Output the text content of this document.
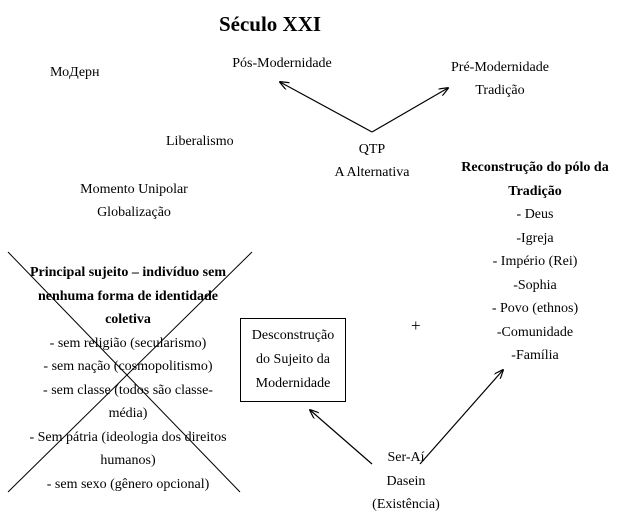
Século XXI
МоДерн
Pós-Modernidade	Pré-Modernidade
Tradição
Liberalismo
QTP
A Alternativa
Momento Unipolar
Globalização
Reconstrução do pólo da
Tradição
- Deus
-Igreja
- Império (Rei)
-Sophia
- Povo (ethnos)
-Comunidade
-Família
Principal sujeito – indivíduo sem
nenhuma forma de identidade
coletiva
- sem religião (secularismo)
- sem nação (cosmopolitismo)
- sem classe (todos são classe-
média)
- Sem pátria (ideologia dos direitos
humanos)
- sem sexo (gênero opcional)
+
Desconstrução
do Sujeito da
Modernidade
Ser-Aí
Dasein
(Existência)
